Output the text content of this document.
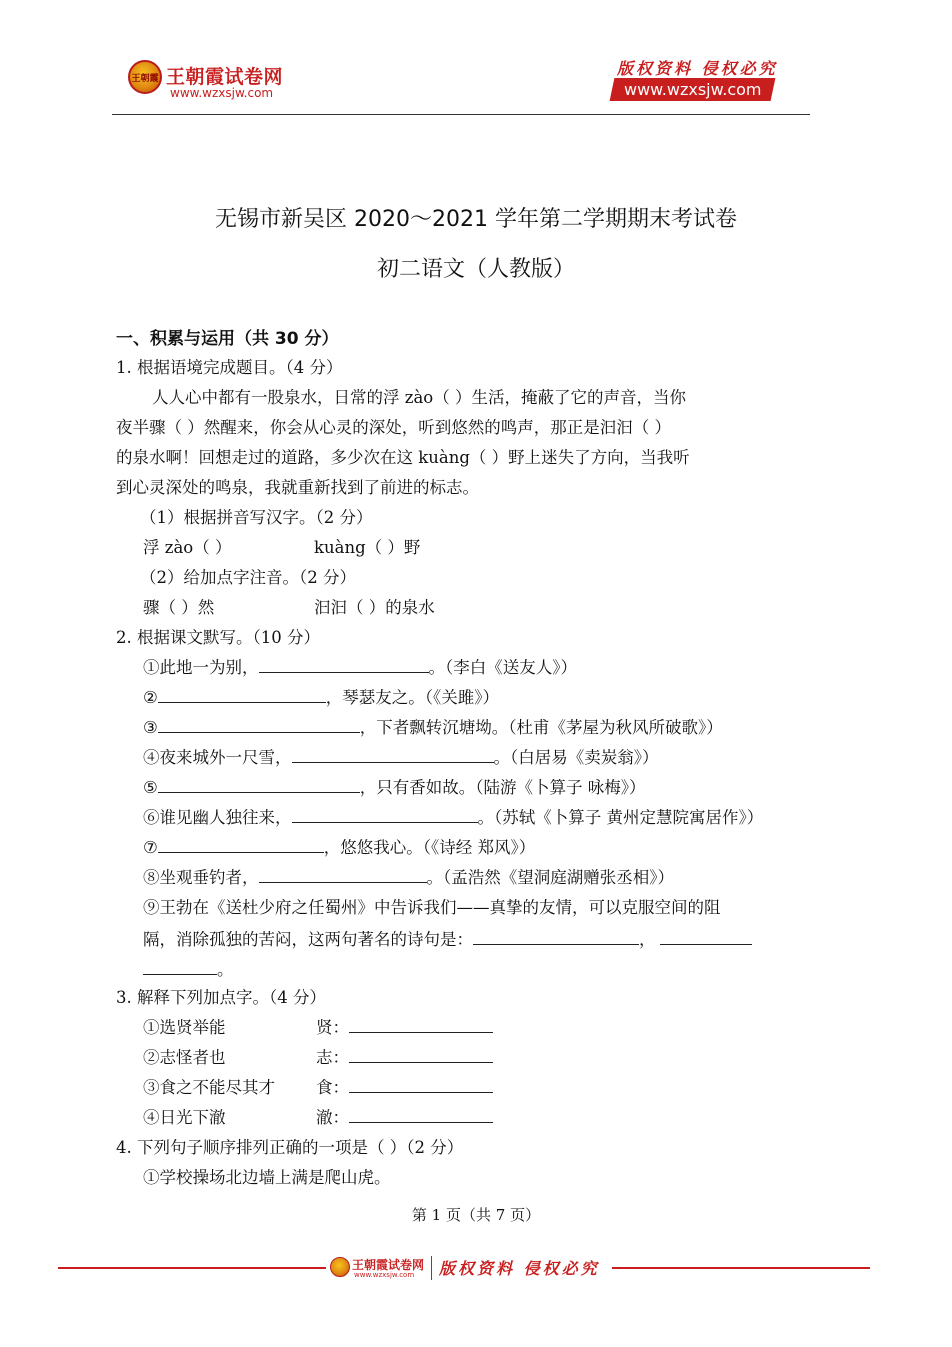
王朝霞 王朝霞试卷网
www.wzxsjw.com
版权资料 侵权必究
www.wzxsjw.com
无锡市新吴区 2020～2021 学年第二学期期末考试卷
初二语文（人教版）
一、积累与运用（共 30 分）
1. 根据语境完成题目。（4 分）
人人心中都有一股泉水，日常的浮 zào（ ）生活，掩蔽了它的声音，当你
夜半骤（ ）然醒来，你会从心灵的深处，听到悠然的鸣声，那正是汩汩（ ）
的泉水啊！回想走过的道路，多少次在这 kuàng（ ）野上迷失了方向，当我听
到心灵深处的鸣泉，我就重新找到了前进的标志。
（1）根据拼音写汉字。（2 分）
浮 zào（ ）	kuàng（ ）野
（2）给加点字注音。（2 分）
骤（ ）然	汩汩（ ）的泉水
2. 根据课文默写。（10 分）
①此地一为别，	。（李白《送友人》）
②	，琴瑟友之。（《关雎》）
③	，下者飘转沉塘坳。（杜甫《茅屋为秋风所破歌》）
④夜来城外一尺雪，	。（白居易《卖炭翁》）
⑤	，只有香如故。（陆游《卜算子 咏梅》）
⑥谁见幽人独往来，	。（苏轼《卜算子 黄州定慧院寓居作》）
⑦	，悠悠我心。（《诗经 郑风》）
⑧坐观垂钓者，	。（孟浩然《望洞庭湖赠张丞相》）
⑨王勃在《送杜少府之任蜀州》中告诉我们——真挚的友情，可以克服空间的阻
隔，消除孤独的苦闷，这两句著名的诗句是：	，
。
3. 解释下列加点字。（4 分）
①选贤举能	贤：
②志怪者也	志：
③食之不能尽其才 食：
④日光下澈	澈：
4. 下列句子顺序排列正确的一项是（ ）（2 分）
①学校操场北边墙上满是爬山虎。
第 1 页（共 7 页）
王朝霞试卷网
www.wzxsjw.com 版权资料 侵权必究
